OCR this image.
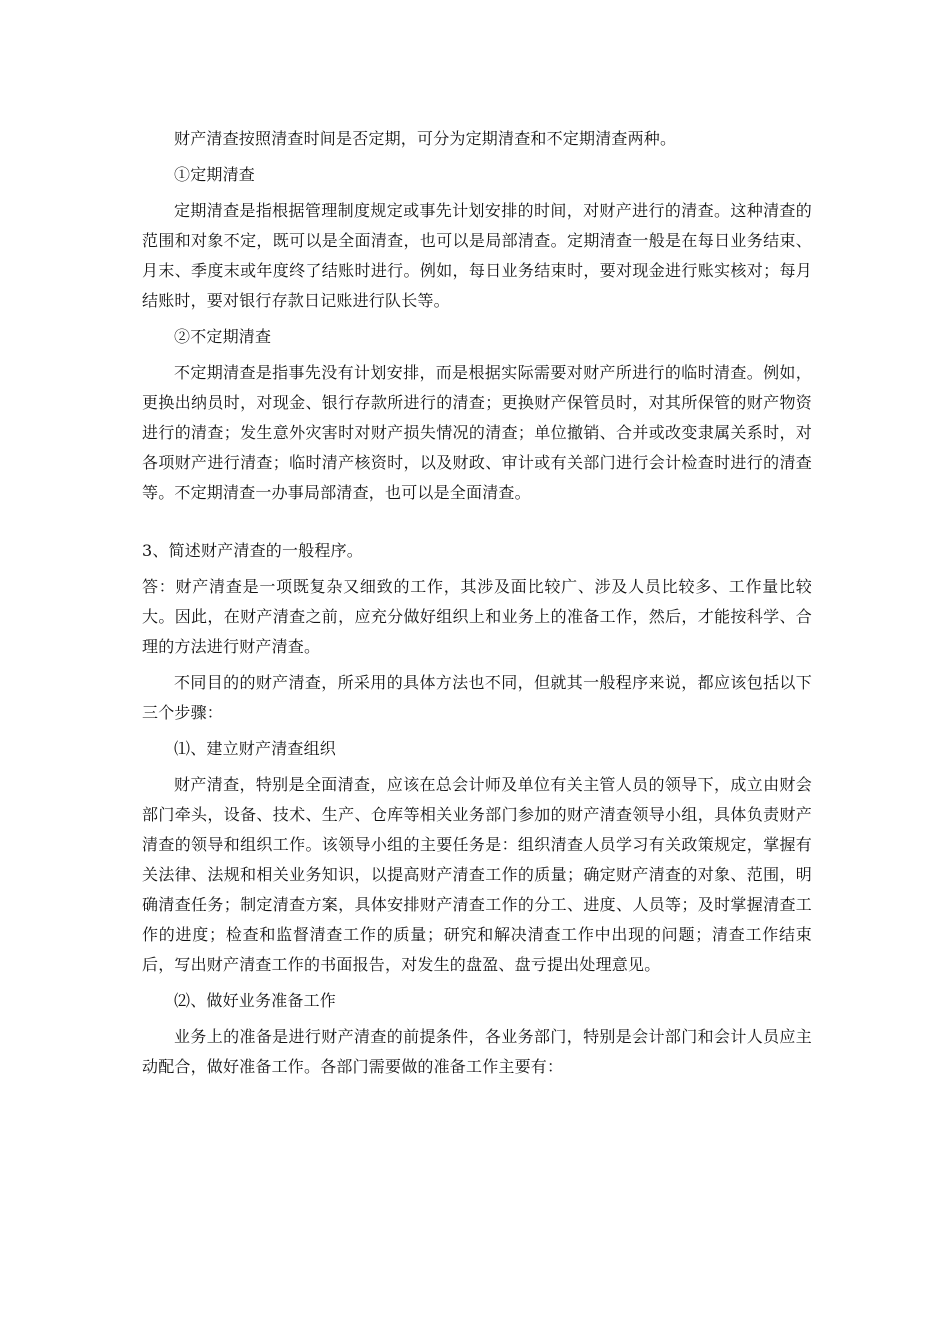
财产清查按照清查时间是否定期，可分为定期清查和不定期清查两种。

①定期清查

定期清查是指根据管理制度规定或事先计划安排的时间，对财产进行的清查。这种清查的范围和对象不定，既可以是全面清查，也可以是局部清查。定期清查一般是在每日业务结束、月末、季度末或年度终了结账时进行。例如，每日业务结束时，要对现金进行账实核对；每月结账时，要对银行存款日记账进行队长等。

②不定期清查

不定期清查是指事先没有计划安排，而是根据实际需要对财产所进行的临时清查。例如，更换出纳员时，对现金、银行存款所进行的清查；更换财产保管员时，对其所保管的财产物资进行的清查；发生意外灾害时对财产损失情况的清查；单位撤销、合并或改变隶属关系时，对各项财产进行清查；临时清产核资时，以及财政、审计或有关部门进行会计检查时进行的清查等。不定期清查一办事局部清查，也可以是全面清查。

3、简述财产清查的一般程序。

答：财产清查是一项既复杂又细致的工作，其涉及面比较广、涉及人员比较多、工作量比较大。因此，在财产清查之前，应充分做好组织上和业务上的准备工作，然后，才能按科学、合理的方法进行财产清查。

不同目的的财产清查，所采用的具体方法也不同，但就其一般程序来说，都应该包括以下三个步骤：

⑴、建立财产清查组织

财产清查，特别是全面清查，应该在总会计师及单位有关主管人员的领导下，成立由财会部门牵头，设备、技术、生产、仓库等相关业务部门参加的财产清查领导小组，具体负责财产清查的领导和组织工作。该领导小组的主要任务是：组织清查人员学习有关政策规定，掌握有关法律、法规和相关业务知识，以提高财产清查工作的质量；确定财产清查的对象、范围，明确清查任务；制定清查方案，具体安排财产清查工作的分工、进度、人员等；及时掌握清查工作的进度；检查和监督清查工作的质量；研究和解决清查工作中出现的问题；清查工作结束后，写出财产清查工作的书面报告，对发生的盘盈、盘亏提出处理意见。

⑵、做好业务准备工作

业务上的准备是进行财产清查的前提条件，各业务部门，特别是会计部门和会计人员应主动配合，做好准备工作。各部门需要做的准备工作主要有：
